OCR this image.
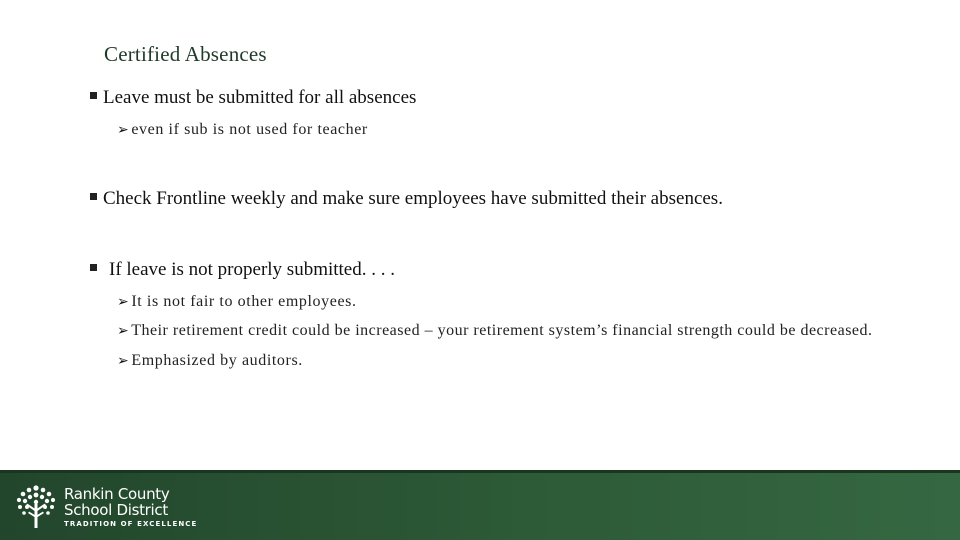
Certified Absences
Leave must be submitted for all absences
➢ even if sub is not used for teacher
Check Frontline weekly and make sure employees have submitted their absences.
If leave is not properly submitted. . . .
➢ It is not fair to other employees.
➢ Their retirement credit could be increased – your retirement system’s financial strength could be decreased.
➢ Emphasized by auditors.
Rankin County
School District
TRADITION OF EXCELLENCE
